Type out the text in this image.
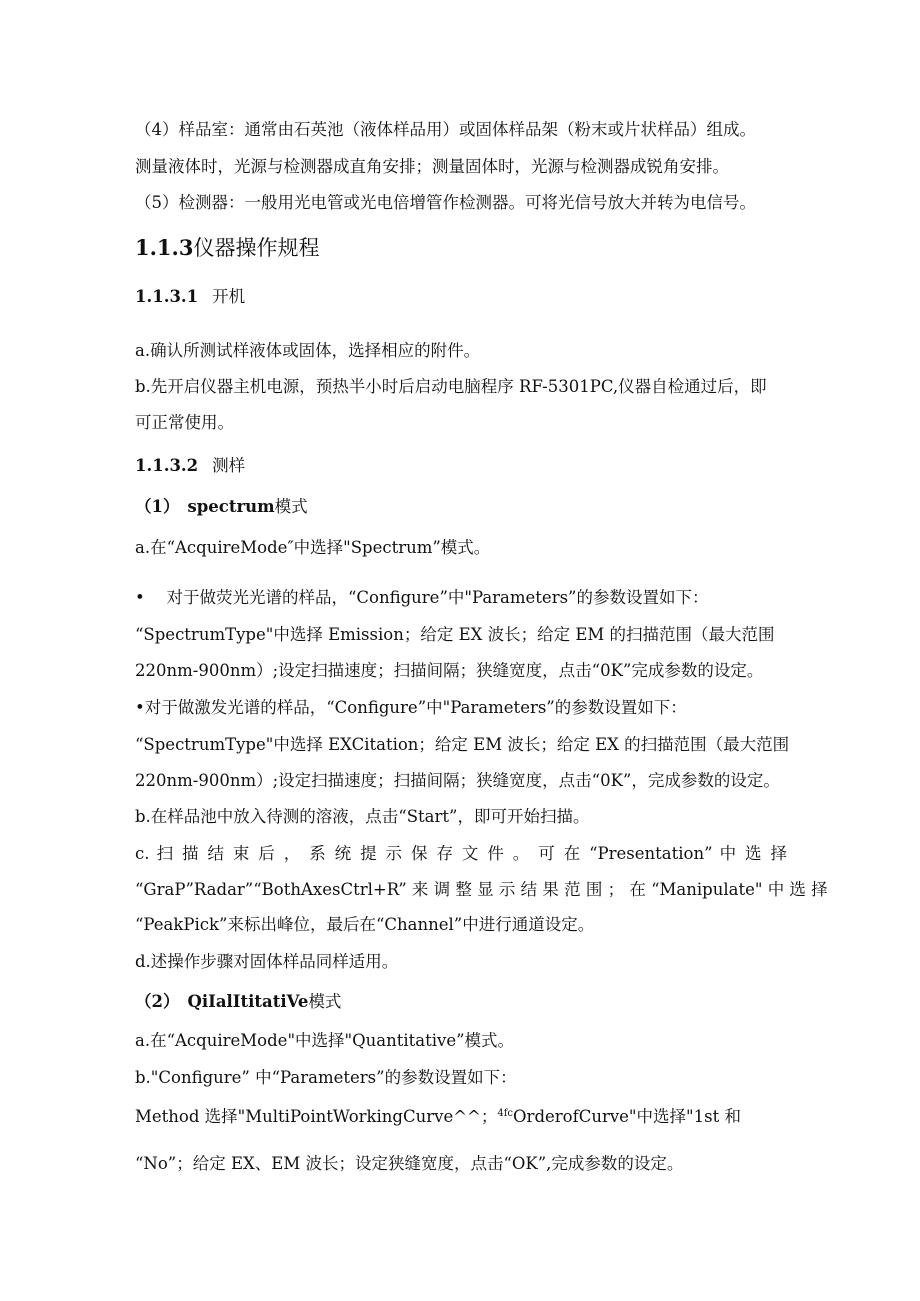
（4）样品室：通常由石英池（液体样品用）或固体样品架（粉末或片状样品）组成。
测量液体时，光源与检测器成直角安排；测量固体时，光源与检测器成锐角安排。
（5）检测器：一般用光电管或光电倍增管作检测器。可将光信号放大并转为电信号。
1.1.3仪器操作规程
1.1.3.1 开机
a.确认所测试样液体或固体，选择相应的附件。
b.先开启仪器主机电源，预热半小时后启动电脑程序 RF-5301PC,仪器自检通过后，即
可正常使用。
1.1.3.2 测样
（1） spectrum模式
a.在“AcquireMode″中选择"Spectrum”模式。
•　 对于做荧光光谱的样品，“Configure”中"Parameters”的参数设置如下：
“SpectrumType"中选择 Emission；给定 EX 波长；给定 EM 的扫描范围（最大范围
220nm-900nm）;设定扫描速度；扫描间隔；狭缝宽度，点击“0K”完成参数的设定。
•对于做激发光谱的样品，“Configure”中"Parameters”的参数设置如下：
“SpectrumType"中选择 EXCitation；给定 EM 波长；给定 EX 的扫描范围（最大范围
220nm-900nm）;设定扫描速度；扫描间隔；狭缝宽度，点击“0K”，完成参数的设定。
b.在样品池中放入待测的溶液，点击“Start”，即可开始扫描。
c. 扫 描 结 束 后 ， 系 统 提 示 保 存 文 件 。 可 在 “Presentation” 中 选 择
“GraP”Radar”“BothAxesCtrl+R” 来 调 整 显 示 结 果 范 围 ； 在 “Manipulate" 中 选 择
“PeakPick”来标出峰位，最后在“Channel”中进行通道设定。
d.述操作步骤对固体样品同样适用。
（2） QiIalItitatiVe模式
a.在“AcquireMode"中选择"Quantitative”模式。
b."Configure” 中“Parameters”的参数设置如下：
Method 选择"MultiPointWorkingCurve^^；$^{4fc}$OrderofCurve"中选择"1st 和
“No”；给定 EX、EM 波长；设定狭缝宽度，点击“OK”,完成参数的设定。
